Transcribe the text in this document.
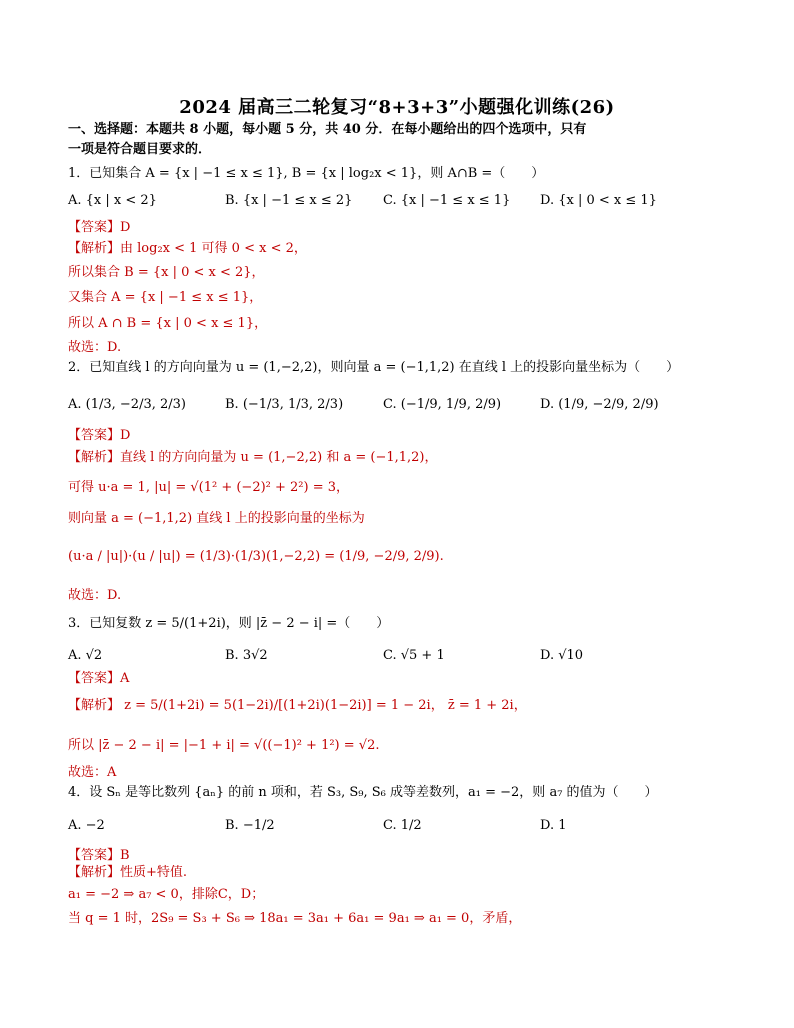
2024 届高三二轮复习“8+3+3”小题强化训练(26)
一、选择题：本题共 8 小题，每小题 5 分，共 40 分．在每小题给出的四个选项中，只有
一项是符合题目要求的．
1．已知集合 A = {x | −1 ≤ x ≤ 1}, B = {x | log₂x < 1}，则 A∩B =（　　）
A. {x | x < 2}	B. {x | −1 ≤ x ≤ 2} C. {x | −1 ≤ x ≤ 1} D. {x | 0 < x ≤ 1}
【答案】D
【解析】由 log₂x < 1 可得 0 < x < 2，
所以集合 B = {x | 0 < x < 2}，
又集合 A = {x | −1 ≤ x ≤ 1}，
所以 A ∩ B = {x | 0 < x ≤ 1}，
故选：D.
2．已知直线 l 的方向向量为 u = (1,−2,2)，则向量 a = (−1,1,2) 在直线 l 上的投影向量坐标为（　　）
A. (1/3, −2/3, 2/3)	B. (−1/3, 1/3, 2/3)	C. (−1/9, 1/9, 2/9)	D. (1/9, −2/9, 2/9)
【答案】D
【解析】直线 l 的方向向量为 u = (1,−2,2) 和 a = (−1,1,2)，
可得 u·a = 1, |u| = √(1² + (−2)² + 2²) = 3，
则向量 a = (−1,1,2) 直线 l 上的投影向量的坐标为
(u·a / |u|)·(u / |u|) = (1/3)·(1/3)(1,−2,2) = (1/9, −2/9, 2/9).
故选：D.
3．已知复数 z = 5/(1+2i)，则 |z̄ − 2 − i| =（　　）
A. √2	B. 3√2	C. √5 + 1	D. √10
【答案】A
【解析】 z = 5/(1+2i) = 5(1−2i)/[(1+2i)(1−2i)] = 1 − 2i， z̄ = 1 + 2i，
所以 |z̄ − 2 − i| = |−1 + i| = √((−1)² + 1²) = √2.
故选：A
4．设 Sₙ 是等比数列 {aₙ} 的前 n 项和，若 S₃, S₉, S₆ 成等差数列，a₁ = −2，则 a₇ 的值为（　　）
A. −2	B. −1/2	C. 1/2	D. 1
【答案】B
【解析】性质+特值.
a₁ = −2 ⇒ a₇ < 0，排除C，D；
当 q = 1 时，2S₉ = S₃ + S₆ ⇒ 18a₁ = 3a₁ + 6a₁ = 9a₁ ⇒ a₁ = 0，矛盾，
